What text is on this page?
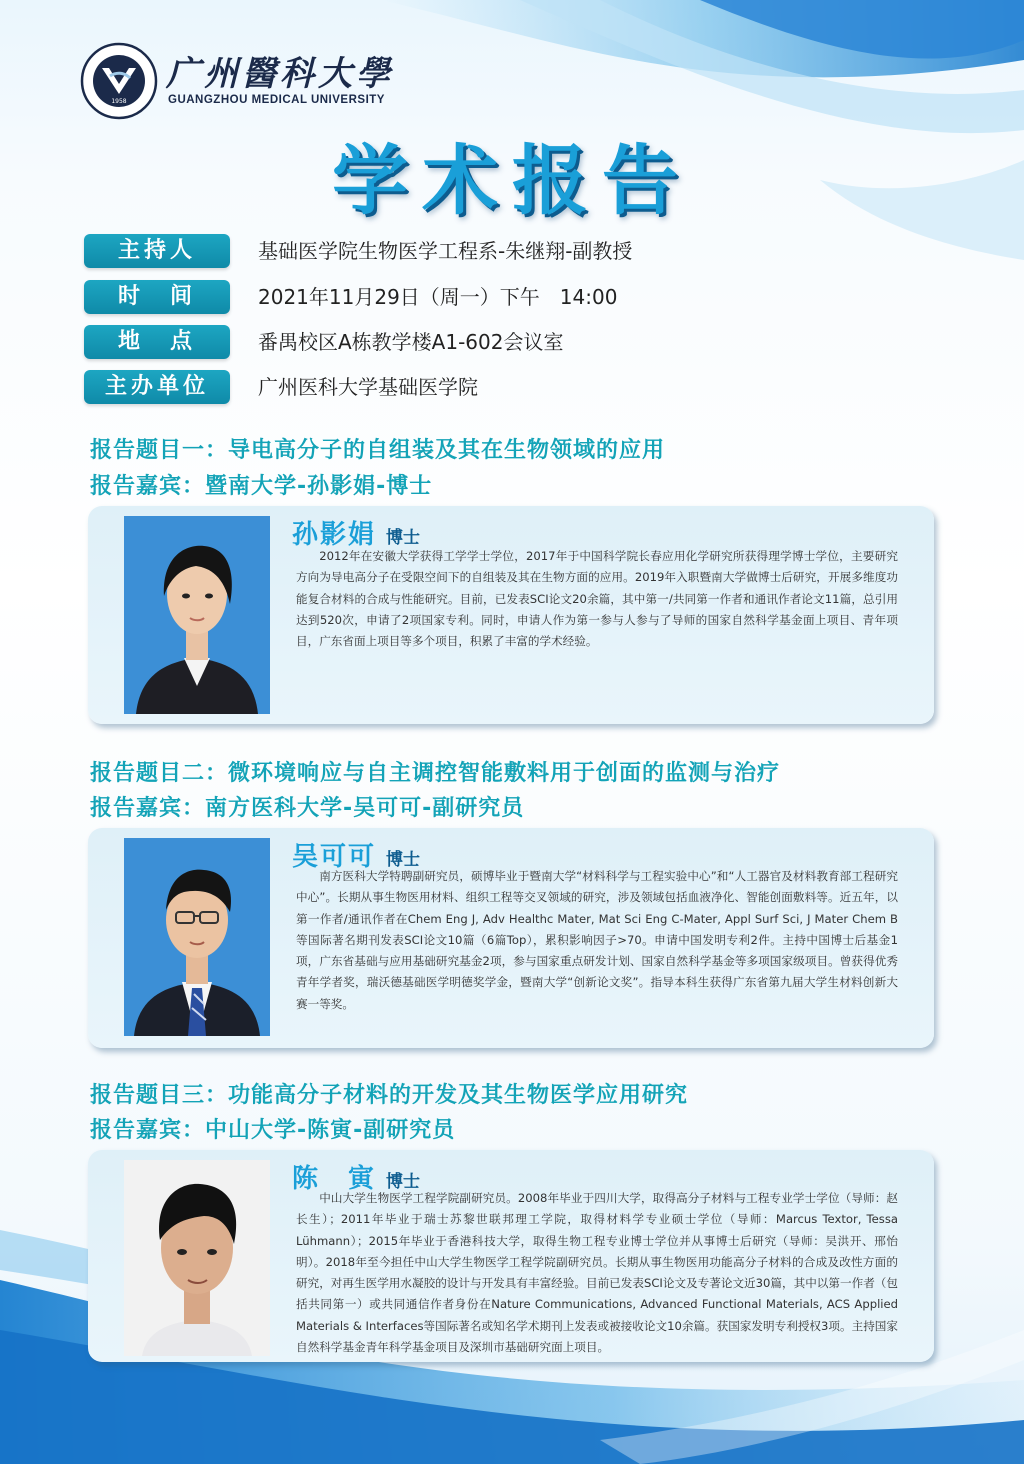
1958
广州醫科大學
GUANGZHOU MEDICAL UNIVERSITY
学术报告
主持人	基础医学院生物医学工程系-朱继翔-副教授
时　间	2021年11月29日（周一）下午　14:00
地　点	番禺校区A栋教学楼A1-602会议室
主办单位	广州医科大学基础医学院
报告题目一：导电高分子的自组装及其在生物领域的应用
报告嘉宾：暨南大学-孙影娟-博士
孙影娟 博士
2012年在安徽大学获得工学学士学位，2017年于中国科学院长春应用化学研究所获得理学博士学位，主要研究方向为导电高分子在受限空间下的自组装及其在生物方面的应用。2019年入职暨南大学做博士后研究，开展多维度功能复合材料的合成与性能研究。目前，已发表SCI论文20余篇，其中第一/共同第一作者和通讯作者论文11篇，总引用达到520次，申请了2项国家专利。同时，申请人作为第一参与人参与了导师的国家自然科学基金面上项目、青年项目，广东省面上项目等多个项目，积累了丰富的学术经验。
报告题目二：微环境响应与自主调控智能敷料用于创面的监测与治疗
报告嘉宾：南方医科大学-吴可可-副研究员
吴可可 博士
南方医科大学特聘副研究员，硕博毕业于暨南大学“材料科学与工程实验中心”和“人工器官及材料教育部工程研究中心”。长期从事生物医用材料、组织工程等交叉领域的研究，涉及领域包括血液净化、智能创面敷料等。近五年，以第一作者/通讯作者在Chem Eng J, Adv Healthc Mater, Mat Sci Eng C-Mater, Appl Surf Sci, J Mater Chem B等国际著名期刊发表SCI论文10篇（6篇Top），累积影响因子>70。申请中国发明专利2件。主持中国博士后基金1项，广东省基础与应用基础研究基金2项，参与国家重点研发计划、国家自然科学基金等多项国家级项目。曾获得优秀青年学者奖，瑞沃德基础医学明德奖学金，暨南大学“创新论文奖”。指导本科生获得广东省第九届大学生材料创新大赛一等奖。
报告题目三：功能高分子材料的开发及其生物医学应用研究
报告嘉宾：中山大学-陈寅-副研究员
陈　寅 博士
中山大学生物医学工程学院副研究员。2008年毕业于四川大学，取得高分子材料与工程专业学士学位（导师：赵长生）；2011年毕业于瑞士苏黎世联邦理工学院，取得材料学专业硕士学位（导师：Marcus Textor, Tessa Lühmann）；2015年毕业于香港科技大学，取得生物工程专业博士学位并从事博士后研究（导师：吴洪开、邢怡明）。2018年至今担任中山大学生物医学工程学院副研究员。长期从事生物医用功能高分子材料的合成及改性方面的研究，对再生医学用水凝胶的设计与开发具有丰富经验。目前已发表SCI论文及专著论文近30篇，其中以第一作者（包括共同第一）或共同通信作者身份在Nature Communications, Advanced Functional Materials, ACS Applied Materials & Interfaces等国际著名或知名学术期刊上发表或被接收论文10余篇。获国家发明专利授权3项。主持国家自然科学基金青年科学基金项目及深圳市基础研究面上项目。
